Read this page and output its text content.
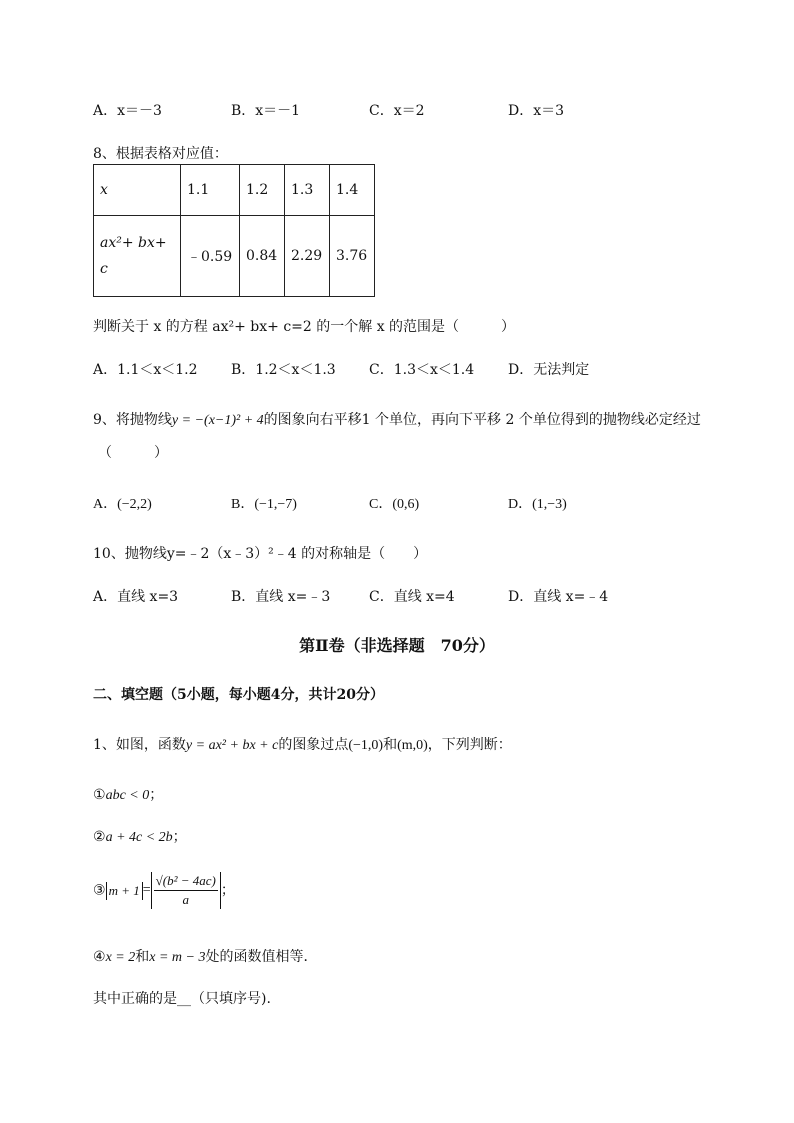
A．x＝－3	B．x＝－1	C．x＝2	D．x＝3
8、根据表格对应值：
x	1.1	1.2	1.3	1.4
ax²+ bx+ c	﹣0.59	0.84	2.29	3.76
判断关于 x 的方程 ax²+ bx+ c=2 的一个解 x 的范围是（　　　）
A．1.1＜x＜1.2 B．1.2＜x＜1.3 C．1.3＜x＜1.4 D．无法判定
9、将抛物线y = −(x−1)² + 4的图象向右平移1 个单位，再向下平移 2 个单位得到的抛物线必定经过
（　　　）
A．(−2,2)	B．(−1,−7)	C．(0,6)	D．(1,−3)
10、抛物线y=﹣2（x﹣3）²﹣4 的对称轴是（　　）
A．直线 x=3	B．直线 x=﹣3	C．直线 x=4	D．直线 x=﹣4
第Ⅱ卷（非选择题　70分）
二、填空题（5小题，每小题4分，共计20分）
1、如图，函数y = ax² + bx + c的图象过点(−1,0)和(m,0)，下列判断：
①abc < 0；
②a + 4c < 2b；
③ $m + 1 = \frac{\text{√(b² − 4ac)}}{a}$ ；
④x = 2和x = m − 3处的函数值相等．
其中正确的是__（只填序号).
